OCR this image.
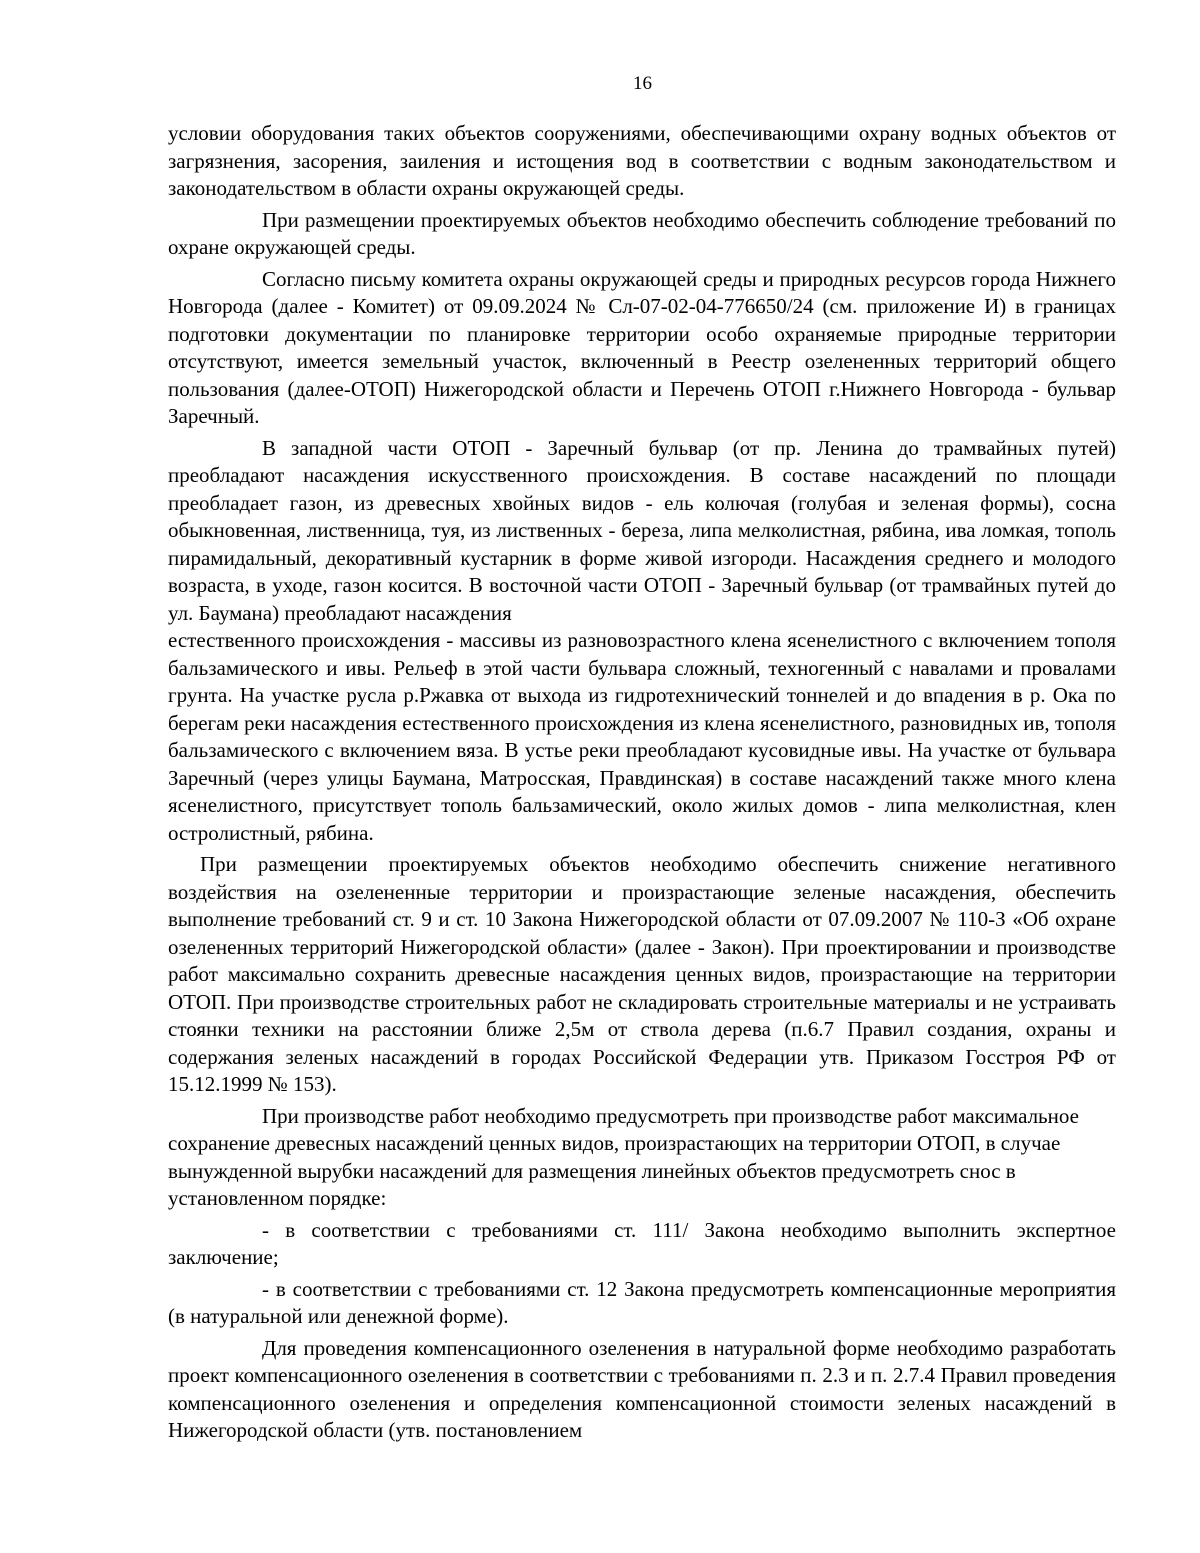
16

условии оборудования таких объектов сооружениями, обеспечивающими охрану водных объектов от загрязнения, засорения, заиления и истощения вод в соответствии с водным законодательством и законодательством в области охраны окружающей среды.

При размещении проектируемых объектов необходимо обеспечить соблюдение требований по охране окружающей среды.

Согласно письму комитета охраны окружающей среды и природных ресурсов города Нижнего Новгорода (далее - Комитет) от 09.09.2024 № Сл-07-02-04-776650/24 (см. приложение И) в границах подготовки документации по планировке территории особо охраняемые природные территории отсутствуют, имеется земельный участок, включенный в Реестр озелененных территорий общего пользования (далее-ОТОП) Нижегородской области и Перечень ОТОП г.Нижнего Новгорода - бульвар Заречный.

В западной части ОТОП - Заречный бульвар (от пр. Ленина до трамвайных путей) преобладают насаждения искусственного происхождения. В составе насаждений по площади преобладает газон, из древесных хвойных видов - ель колючая (голубая и зеленая формы), сосна обыкновенная, лиственница, туя, из лиственных - береза, липа мелколистная, рябина, ива ломкая, тополь пирамидальный, декоративный кустарник в форме живой изгороди. Насаждения среднего и молодого возраста, в уходе, газон косится. В восточной части ОТОП - Заречный бульвар (от трамвайных путей до ул. Баумана) преобладают насаждения

естественного происхождения - массивы из разновозрастного клена ясенелистного с включением тополя бальзамического и ивы. Рельеф в этой части бульвара сложный, техногенный с навалами и провалами грунта. На участке русла р.Ржавка от выхода из гидротехнический тоннелей и до впадения в р. Ока по берегам реки насаждения естественного происхождения из клена ясенелистного, разновидных ив, тополя бальзамического с включением вяза. В устье реки преобладают кусовидные ивы. На участке от бульвара Заречный (через улицы Баумана, Матросская, Правдинская) в составе насаждений также много клена ясенелистного, присутствует тополь бальзамический, около жилых домов - липа мелколистная, клен остролистный, рябина.

При размещении проектируемых объектов необходимо обеспечить снижение негативного воздействия на озелененные территории и произрастающие зеленые насаждения, обеспечить выполнение требований ст. 9 и ст. 10 Закона Нижегородской области от 07.09.2007 № 110-З «Об охране озелененных территорий Нижегородской области» (далее - Закон). При проектировании и производстве работ максимально сохранить древесные насаждения ценных видов, произрастающие на территории ОТОП. При производстве строительных работ не складировать строительные материалы и не устраивать стоянки техники на расстоянии ближе 2,5м от ствола дерева (п.6.7 Правил создания, охраны и содержания зеленых насаждений в городах Российской Федерации утв. Приказом Госстроя РФ от 15.12.1999 № 153).

При производстве работ необходимо предусмотреть при производстве работ максимальное сохранение древесных насаждений ценных видов, произрастающих на территории ОТОП, в случае вынужденной вырубки насаждений для размещения линейных объектов предусмотреть снос в установленном порядке:

- в соответствии с требованиями ст. 111/ Закона необходимо выполнить экспертное заключение;

- в соответствии с требованиями ст. 12 Закона предусмотреть компенсационные мероприятия (в натуральной или денежной форме).

Для проведения компенсационного озеленения в натуральной форме необходимо разработать проект компенсационного озеленения в соответствии с требованиями п. 2.3 и п. 2.7.4 Правил проведения компенсационного озеленения и определения компенсационной стоимости зеленых насаждений в Нижегородской области (утв. постановлением
